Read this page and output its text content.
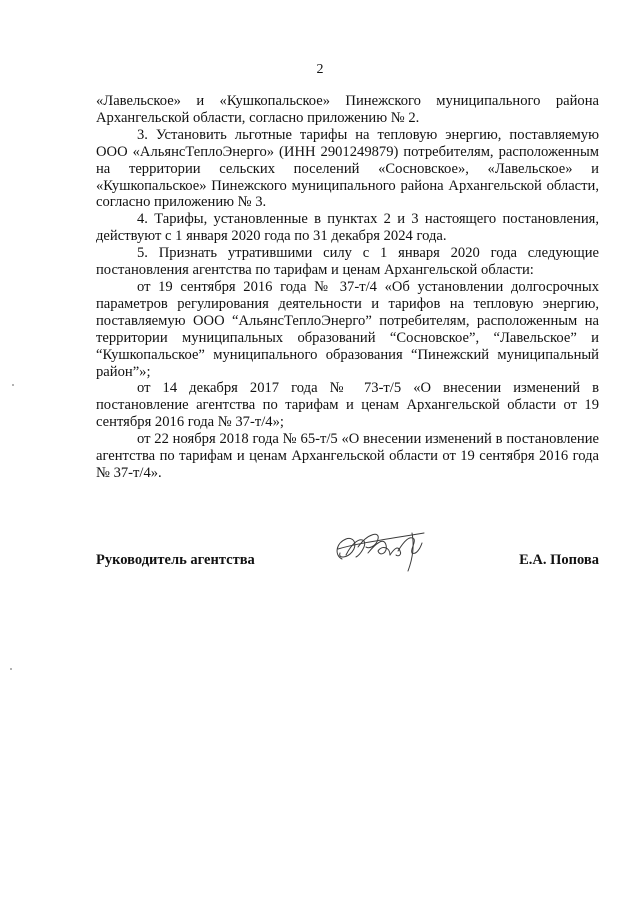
2

«Лавельское» и «Кушкопальское» Пинежского муниципального района Архангельской области, согласно приложению № 2.

3. Установить льготные тарифы на тепловую энергию, поставляемую ООО «АльянсТеплоЭнерго» (ИНН 2901249879) потребителям, расположенным на территории сельских поселений «Сосновское», «Лавельское» и «Кушкопальское» Пинежского муниципального района Архангельской области, согласно приложению № 3.

4. Тарифы, установленные в пунктах 2 и 3 настоящего постановления, действуют с 1 января 2020 года по 31 декабря 2024 года.

5. Признать утратившими силу с 1 января 2020 года следующие постановления агентства по тарифам и ценам Архангельской области:

от 19 сентября 2016 года № 37-т/4 «Об установлении долгосрочных параметров регулирования деятельности и тарифов на тепловую энергию, поставляемую ООО “АльянсТеплоЭнерго” потребителям, расположенным на территории муниципальных образований “Сосновское”, “Лавельское” и “Кушкопальское” муниципального образования “Пинежский муниципальный район”»;

от 14 декабря 2017 года № 73-т/5 «О внесении изменений в постановление агентства по тарифам и ценам Архангельской области от 19 сентября 2016 года № 37-т/4»;

от 22 ноября 2018 года № 65-т/5 «О внесении изменений в постановление агентства по тарифам и ценам Архангельской области от 19 сентября 2016 года № 37-т/4».

Руководитель агентства	Е.А. Попова
